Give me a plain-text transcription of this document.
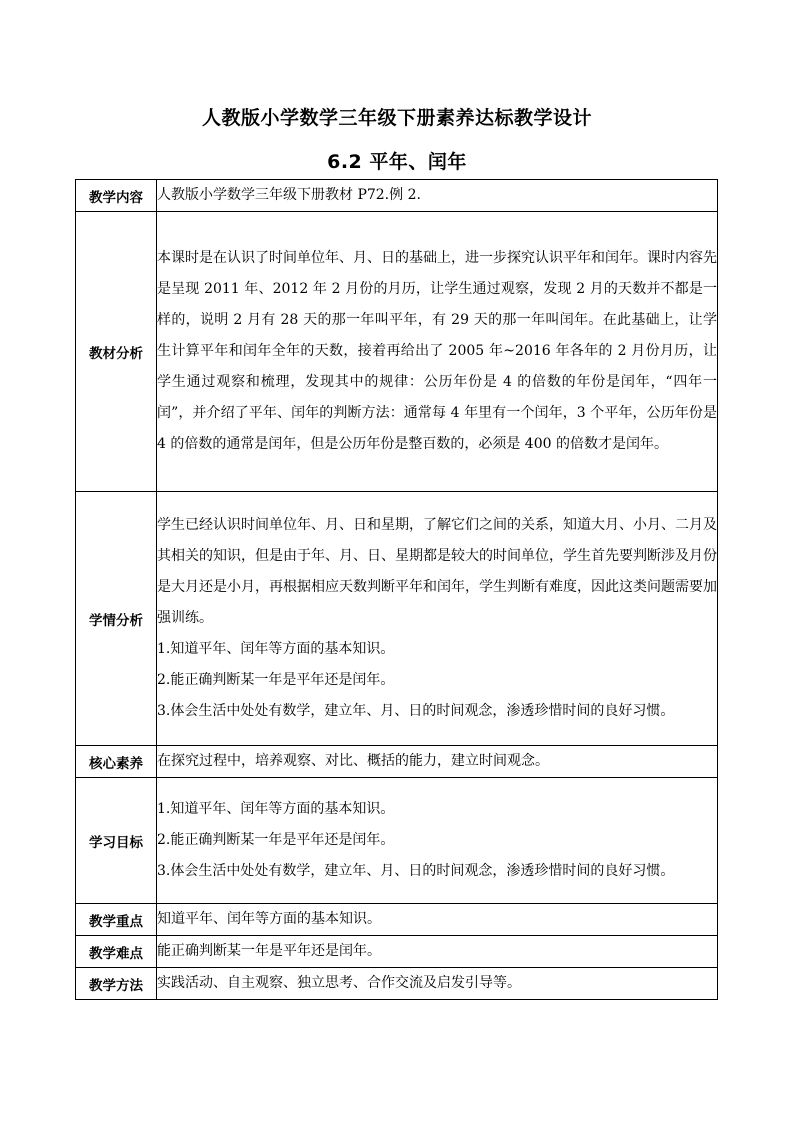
人教版小学数学三年级下册素养达标教学设计
6.2 平年、闰年
教学内容	人教版小学数学三年级下册教材 P72.例 2.
教材分析	本课时是在认识了时间单位年、月、日的基础上，进一步探究认识平年和闰年。课时内容先是呈现 2011 年、2012 年 2 月份的月历，让学生通过观察，发现 2 月的天数并不都是一样的，说明 2 月有 28 天的那一年叫平年，有 29 天的那一年叫闰年。在此基础上，让学生计算平年和闰年全年的天数，接着再给出了 2005 年~2016 年各年的 2 月份月历，让学生通过观察和梳理，发现其中的规律：公历年份是 4 的倍数的年份是闰年，“四年一闰”，并介绍了平年、闰年的判断方法：通常每 4 年里有一个闰年，3 个平年，公历年份是 4 的倍数的通常是闰年，但是公历年份是整百数的，必须是 400 的倍数才是闰年。

学情分析	学生已经认识时间单位年、月、日和星期，了解它们之间的关系，知道大月、小月、二月及其相关的知识，但是由于年、月、日、星期都是较大的时间单位，学生首先要判断涉及月份是大月还是小月，再根据相应天数判断平年和闰年，学生判断有难度，因此这类问题需要加强训练。

1.知道平年、闰年等方面的基本知识。

2.能正确判断某一年是平年还是闰年。

3.体会生活中处处有数学，建立年、月、日的时间观念，渗透珍惜时间的良好习惯。

核心素养	在探究过程中，培养观察、对比、概括的能力，建立时间观念。
学习目标	1.知道平年、闰年等方面的基本知识。

2.能正确判断某一年是平年还是闰年。

3.体会生活中处处有数学，建立年、月、日的时间观念，渗透珍惜时间的良好习惯。

教学重点	知道平年、闰年等方面的基本知识。
教学难点	能正确判断某一年是平年还是闰年。
教学方法	实践活动、自主观察、独立思考、合作交流及启发引导等。
